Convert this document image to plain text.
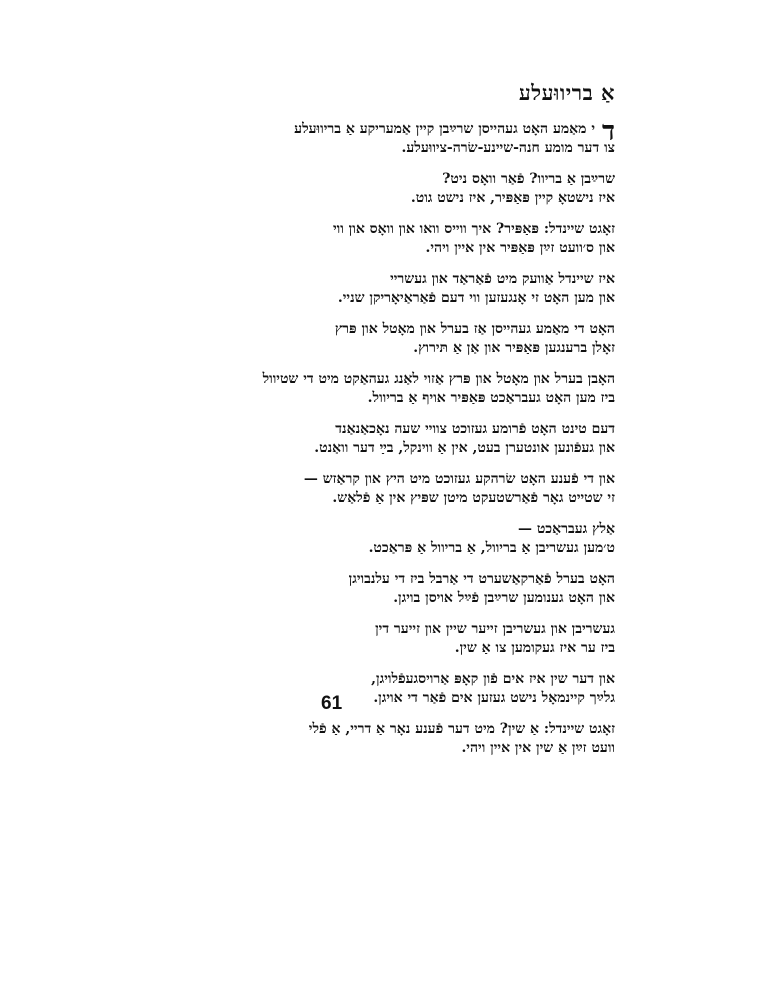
אַ בריווּעלע
ד
י מאַמע האָט געהייסן שרײַבן קיין אַמעריקע אַ בריווּעלע
צו דער מומע חנה-שיינע-שׂרה-ציווּעלע.
שרײַבן אַ בריוו? פֿאַר וואָס ניט?
איז נישטאָ קיין פּאַפּיר, איז נישט גוט.
זאָגט שיינדל: פּאַפּיר? איך ווייס וואו און וואָס און ווי
און ס׳וועט זײַן פּאַפּיר אין איין ויהי.
איז שיינדל אַוועק מיט פֿאַראַד און געשריי
און מען האָט זי אָנגעזען ווי דעם פֿאַראַיאָריקן שניי.
האָט די מאַמע געהייסן אַז בערל און מאָטל און פּרץ
זאָלן ברענגען פּאַפּיר און אַן אַ תּירוץ.
האָבן בערל און מאָטל און פּרץ אַזוי לאַנג געהאַקט מיט די שטיוול
ביז מען האָט געבראַכט פּאַפּיר אויף אַ בריוול.
דעם טינט האָט פֿרומע געזוכט צוויי שעה נאָכאַנאַנד
און געפֿונען אונטערן בעט, אין אַ ווינקל, בײַ דער וואַנט.
און די פֿענע האָט שׂרהקע געזוכט מיט היץ און קראַזש —
זי שטייט גאָר פֿאַרשטעקט מיטן שפּיץ אין אַ פֿלאַש.
אַלץ געבראַכט —
ט׳מען געשריבן אַ בריוול, אַ בריוול אַ פּראַכט.
האָט בערל פֿאַרקאַשערט די אַרבל ביז די עלנבויגן
און האָט גענומען שרײַבן פֿײַל אויסן בויגן.
געשריבן און געשריבן זייער שיין און זייער דין
ביז ער איז געקומען צו אַ שין.
און דער שין איז אים פֿון קאָפּ אַרויסגעפֿלויגן,
גלײַך קיינמאָל נישט געזען אים פֿאַר די אויגן.
זאָגט שיינדל: אַ שין? מיט דער פֿענע נאָר אַ דריי, אַ פֿלי
וועט זײַן אַ שין אין איין ויהי.
61
